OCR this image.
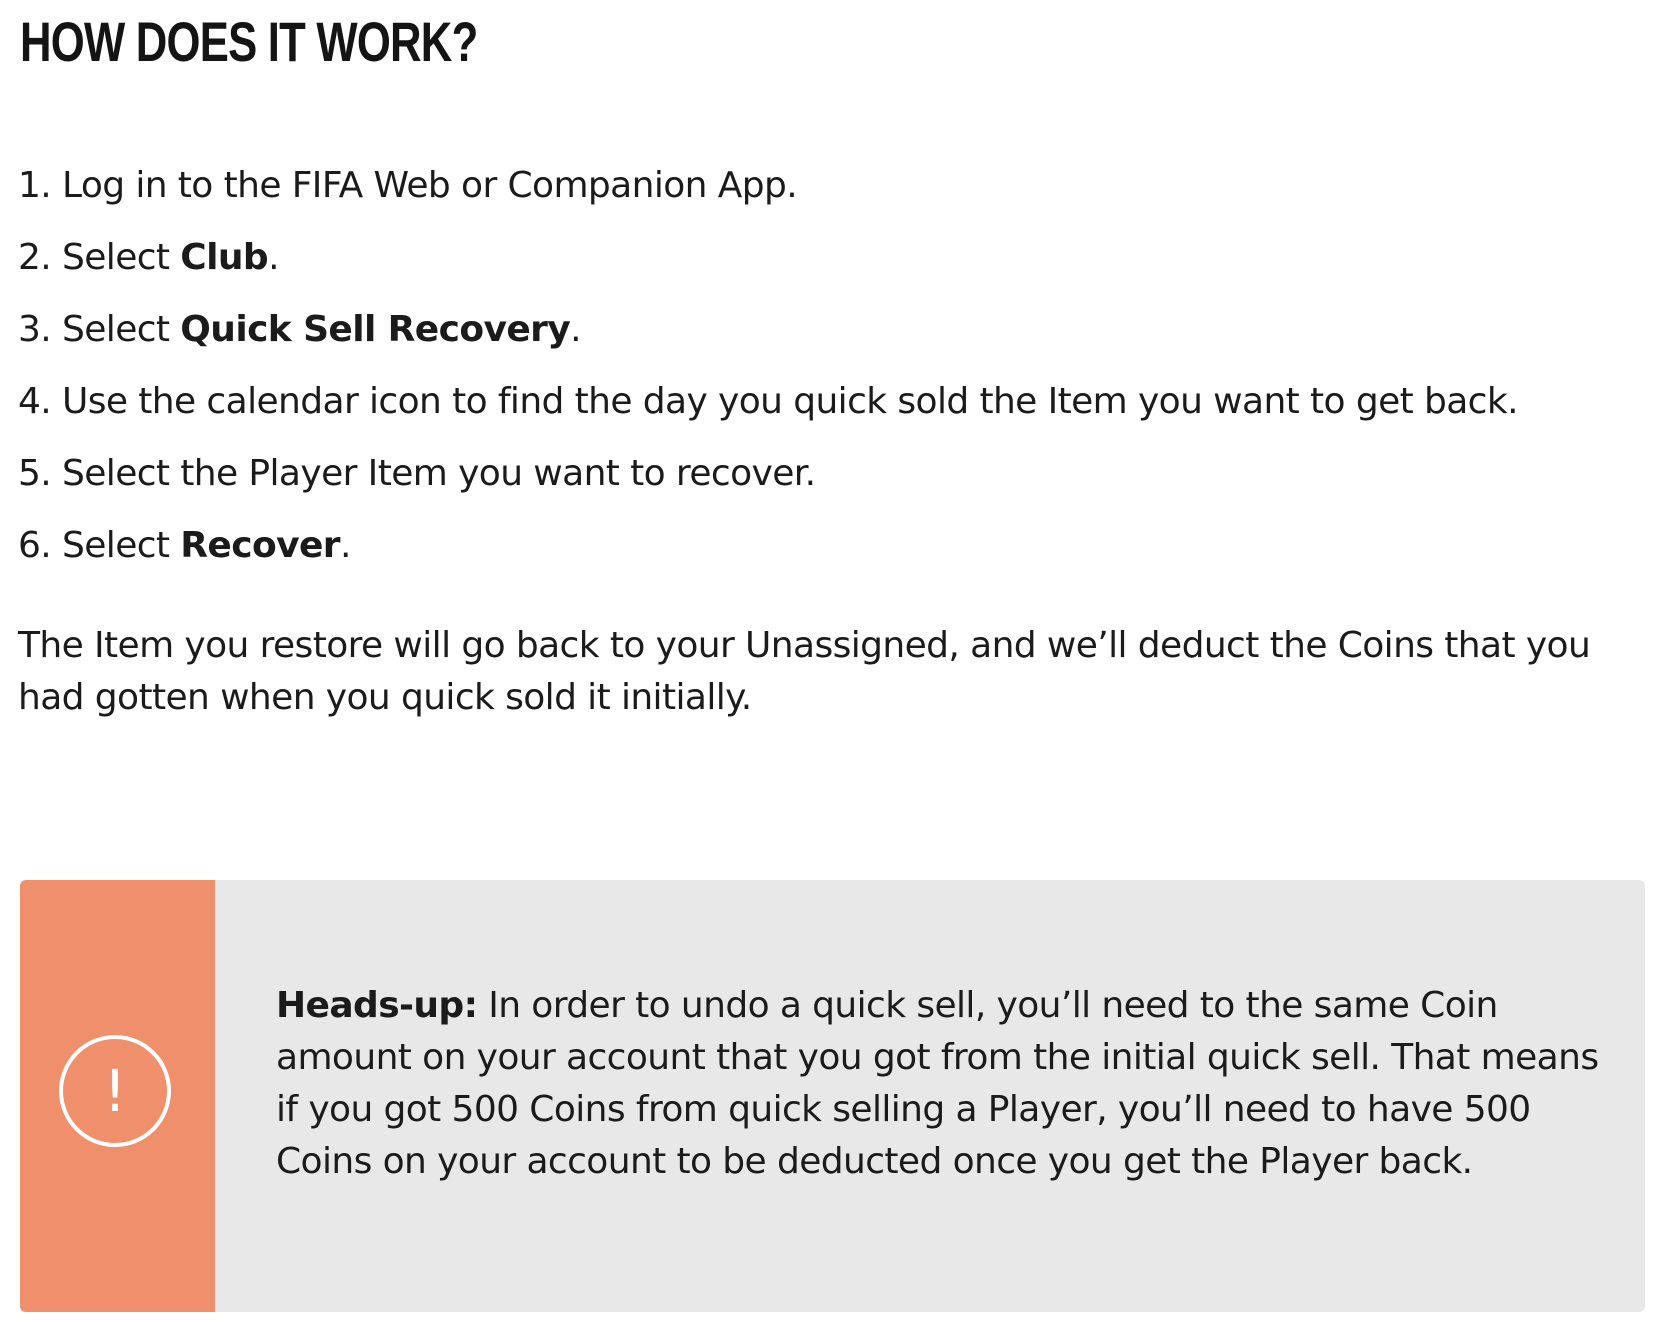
HOW DOES IT WORK?
1. Log in to the FIFA Web or Companion App.
2. Select Club.
3. Select Quick Sell Recovery.
4. Use the calendar icon to find the day you quick sold the Item you want to get back.
5. Select the Player Item you want to recover.
6. Select Recover.

The Item you restore will go back to your Unassigned, and we’ll deduct the Coins that you had gotten when you quick sold it initially.

!

Heads-up: In order to undo a quick sell, you’ll need to the same Coin amount on your account that you got from the initial quick sell. That means if you got 500 Coins from quick selling a Player, you’ll need to have 500 Coins on your account to be deducted once you get the Player back.
